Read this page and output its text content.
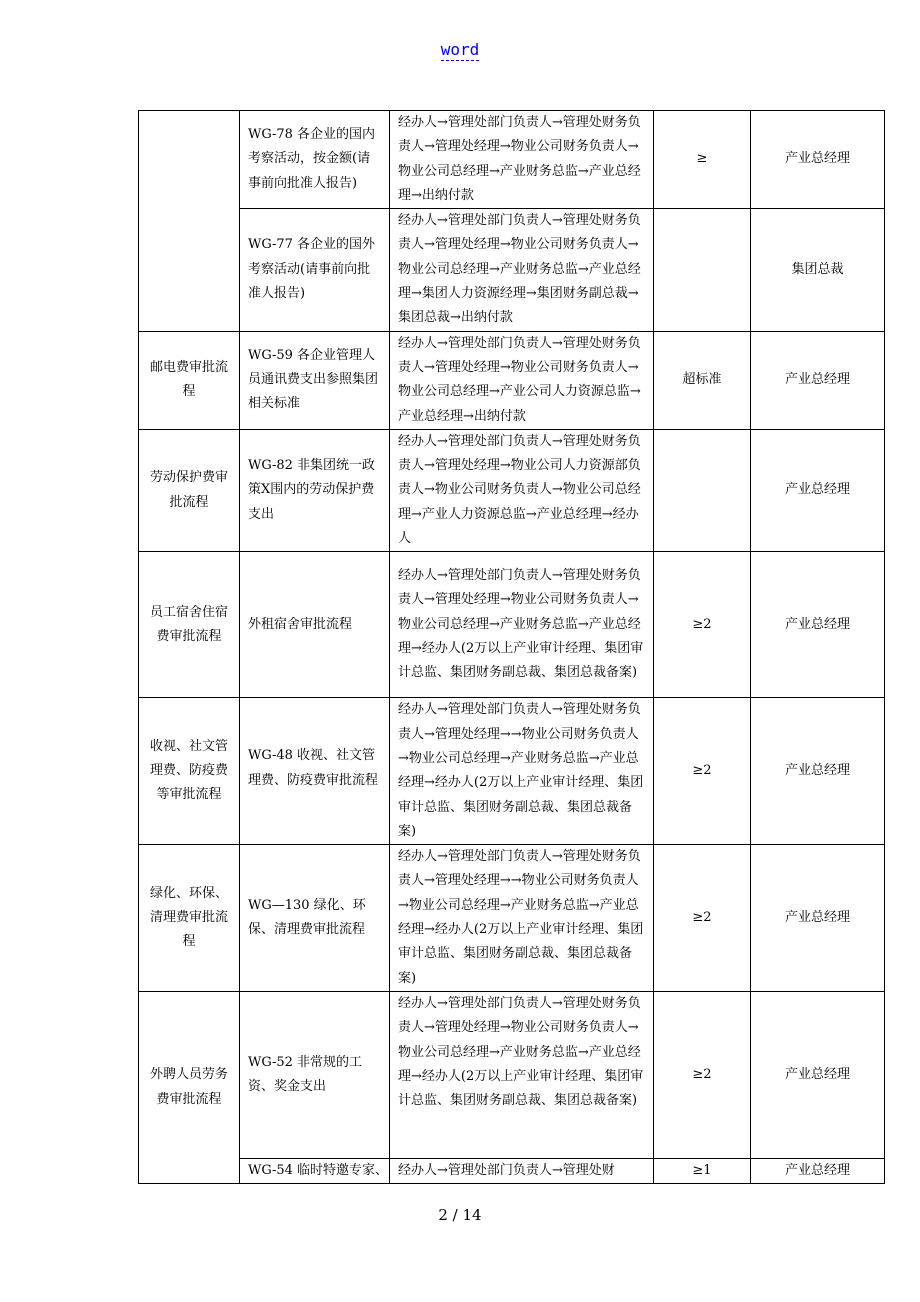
word
	WG-78 各企业的国内考察活动，按金额(请事前向批准人报告)	经办人→管理处部门负责人→管理处财务负责人→管理处经理→物业公司财务负责人→物业公司总经理→产业财务总监→产业总经理→出纳付款	≥	产业总经理
	WG-77 各企业的国外考察活动(请事前向批准人报告)	经办人→管理处部门负责人→管理处财务负责人→管理处经理→物业公司财务负责人→物业公司总经理→产业财务总监→产业总经理→集团人力资源经理→集团财务副总裁→集团总裁→出纳付款		集团总裁
邮电费审批流程	WG-59 各企业管理人员通讯费支出参照集团相关标准	经办人→管理处部门负责人→管理处财务负责人→管理处经理→物业公司财务负责人→物业公司总经理→产业公司人力资源总监→产业总经理→出纳付款	超标准	产业总经理
劳动保护费审批流程	WG-82 非集团统一政策X围内的劳动保护费支出	经办人→管理处部门负责人→管理处财务负责人→管理处经理→物业公司人力资源部负责人→物业公司财务负责人→物业公司总经理→产业人力资源总监→产业总经理→经办人		产业总经理
员工宿舍住宿费审批流程	外租宿舍审批流程	经办人→管理处部门负责人→管理处财务负责人→管理处经理→物业公司财务负责人→物业公司总经理→产业财务总监→产业总经理→经办人(2万以上产业审计经理、集团审计总监、集团财务副总裁、集团总裁备案)	≥2	产业总经理
收视、社文管理费、防疫费等审批流程	WG-48 收视、社文管理费、防疫费审批流程	经办人→管理处部门负责人→管理处财务负责人→管理处经理→→物业公司财务负责人→物业公司总经理→产业财务总监→产业总经理→经办人(2万以上产业审计经理、集团审计总监、集团财务副总裁、集团总裁备案)	≥2	产业总经理
绿化、环保、清理费审批流程	WG—130 绿化、环保、清理费审批流程	经办人→管理处部门负责人→管理处财务负责人→管理处经理→→物业公司财务负责人→物业公司总经理→产业财务总监→产业总经理→经办人(2万以上产业审计经理、集团审计总监、集团财务副总裁、集团总裁备案)	≥2	产业总经理
外聘人员劳务费审批流程	WG-52 非常规的工资、奖金支出	经办人→管理处部门负责人→管理处财务负责人→管理处经理→物业公司财务负责人→物业公司总经理→产业财务总监→产业总经理→经办人(2万以上产业审计经理、集团审计总监、集团财务副总裁、集团总裁备案)	≥2	产业总经理
	WG-54 临时特邀专家、	经办人→管理处部门负责人→管理处财	≥1	产业总经理
2 / 14
